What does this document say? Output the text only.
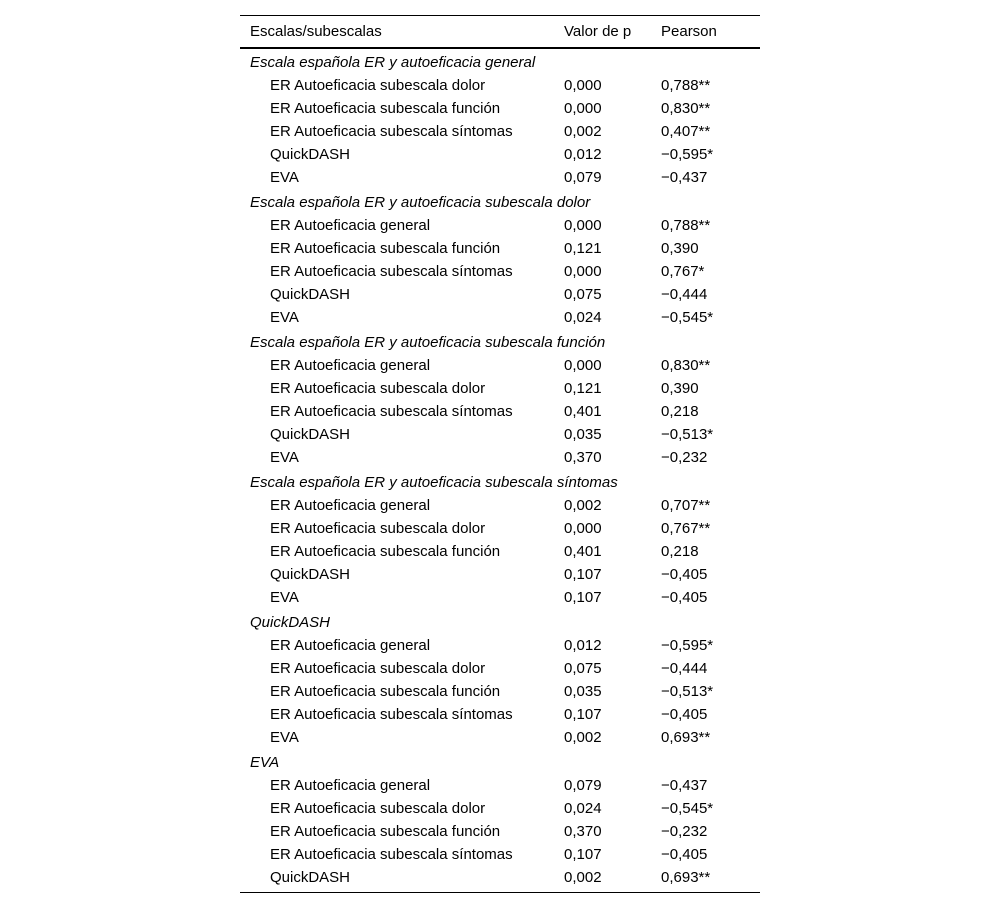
Escalas/subescalas	Valor de p	Pearson
Escala española ER y autoeficacia general
ER Autoeficacia subescala dolor	0,000	0,788**
ER Autoeficacia subescala función	0,000	0,830**
ER Autoeficacia subescala síntomas	0,002	0,407**
QuickDASH	0,012	−0,595*
EVA	0,079	−0,437
Escala española ER y autoeficacia subescala dolor
ER Autoeficacia general	0,000	0,788**
ER Autoeficacia subescala función	0,121	0,390
ER Autoeficacia subescala síntomas	0,000	0,767*
QuickDASH	0,075	−0,444
EVA	0,024	−0,545*
Escala española ER y autoeficacia subescala función
ER Autoeficacia general	0,000	0,830**
ER Autoeficacia subescala dolor	0,121	0,390
ER Autoeficacia subescala síntomas	0,401	0,218
QuickDASH	0,035	−0,513*
EVA	0,370	−0,232
Escala española ER y autoeficacia subescala síntomas
ER Autoeficacia general	0,002	0,707**
ER Autoeficacia subescala dolor	0,000	0,767**
ER Autoeficacia subescala función	0,401	0,218
QuickDASH	0,107	−0,405
EVA	0,107	−0,405
QuickDASH
ER Autoeficacia general	0,012	−0,595*
ER Autoeficacia subescala dolor	0,075	−0,444
ER Autoeficacia subescala función	0,035	−0,513*
ER Autoeficacia subescala síntomas	0,107	−0,405
EVA	0,002	0,693**
EVA
ER Autoeficacia general	0,079	−0,437
ER Autoeficacia subescala dolor	0,024	−0,545*
ER Autoeficacia subescala función	0,370	−0,232
ER Autoeficacia subescala síntomas	0,107	−0,405
QuickDASH	0,002	0,693**
